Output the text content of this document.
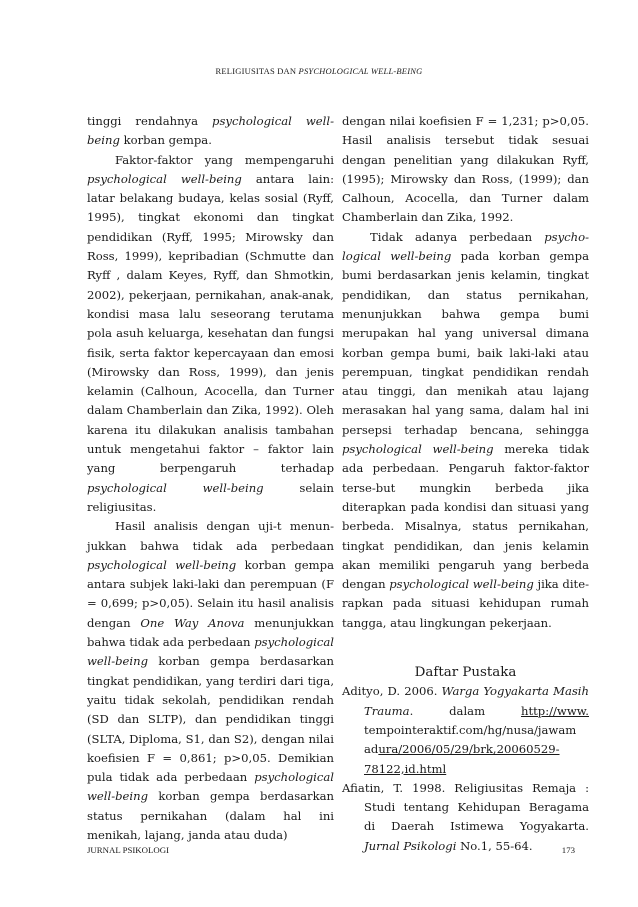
RELIGIUSITAS DAN PSYCHOLOGICAL WELL-BEING

tinggi rendahnya psychological well-being korban gempa.

Faktor-faktor yang mempengaruhi psychological well-being antara lain: latar belakang budaya, kelas sosial (Ryff, 1995), tingkat ekonomi dan tingkat pendidikan (Ryff, 1995; Mirowsky dan Ross, 1999), kepribadian (Schmutte dan Ryff , dalam Keyes, Ryff, dan Shmotkin, 2002), pekerjaan, pernikahan, anak-anak, kondisi masa lalu seseorang terutama pola asuh keluarga, kesehatan dan fungsi fisik, serta faktor kepercayaan dan emosi (Mirowsky dan Ross, 1999), dan jenis kelamin (Calhoun, Acocella, dan Turner dalam Chamberlain dan Zika, 1992). Oleh karena itu dilakukan analisis tambahan untuk mengetahui faktor – faktor lain yang berpengaruh terhadap psychological well-being selain religiusitas.

Hasil analisis dengan uji-t menun-jukkan bahwa tidak ada perbedaan psychological well-being korban gempa antara subjek laki-laki dan perempuan (F = 0,699; p>0,05). Selain itu hasil analisis dengan One Way Anova menunjukkan bahwa tidak ada perbedaan psychological well-being korban gempa berdasarkan tingkat pendidikan, yang terdiri dari tiga, yaitu tidak sekolah, pendidikan rendah (SD dan SLTP), dan pendidikan tinggi (SLTA, Diploma, S1, dan S2), dengan nilai koefisien F = 0,861; p>0,05. Demikian pula tidak ada perbedaan psychological well-being korban gempa berdasarkan status pernikahan (dalam hal ini menikah, lajang, janda atau duda)

dengan nilai koefisien F = 1,231; p>0,05. Hasil analisis tersebut tidak sesuai dengan penelitian yang dilakukan Ryff, (1995); Mirowsky dan Ross, (1999); dan Calhoun, Acocella, dan Turner dalam Chamberlain dan Zika, 1992.

Tidak adanya perbedaan psycho-logical well-being pada korban gempa bumi berdasarkan jenis kelamin, tingkat pendidikan, dan status pernikahan, menunjukkan bahwa gempa bumi merupakan hal yang universal dimana korban gempa bumi, baik laki-laki atau perempuan, tingkat pendidikan rendah atau tinggi, dan menikah atau lajang merasakan hal yang sama, dalam hal ini persepsi terhadap bencana, sehingga psychological well-being mereka tidak ada perbedaan. Pengaruh faktor-faktor terse-but mungkin berbeda jika diterapkan pada kondisi dan situasi yang berbeda. Misalnya, status pernikahan, tingkat pendidikan, dan jenis kelamin akan memiliki pengaruh yang berbeda dengan psychological well-being jika dite-rapkan pada situasi kehidupan rumah tangga, atau lingkungan pekerjaan.

Daftar Pustaka

Adityo, D. 2006. Warga Yogyakarta Masih Trauma. dalam http://www. tempointeraktif.com/hg/nusa/jawam adura/2006/05/29/brk,20060529-78122,id.html

Afiatin, T. 1998. Religiusitas Remaja : Studi tentang Kehidupan Beragama di Daerah Istimewa Yogyakarta. Jurnal Psikologi No.1, 55-64.

JURNAL PSIKOLOGI	173
